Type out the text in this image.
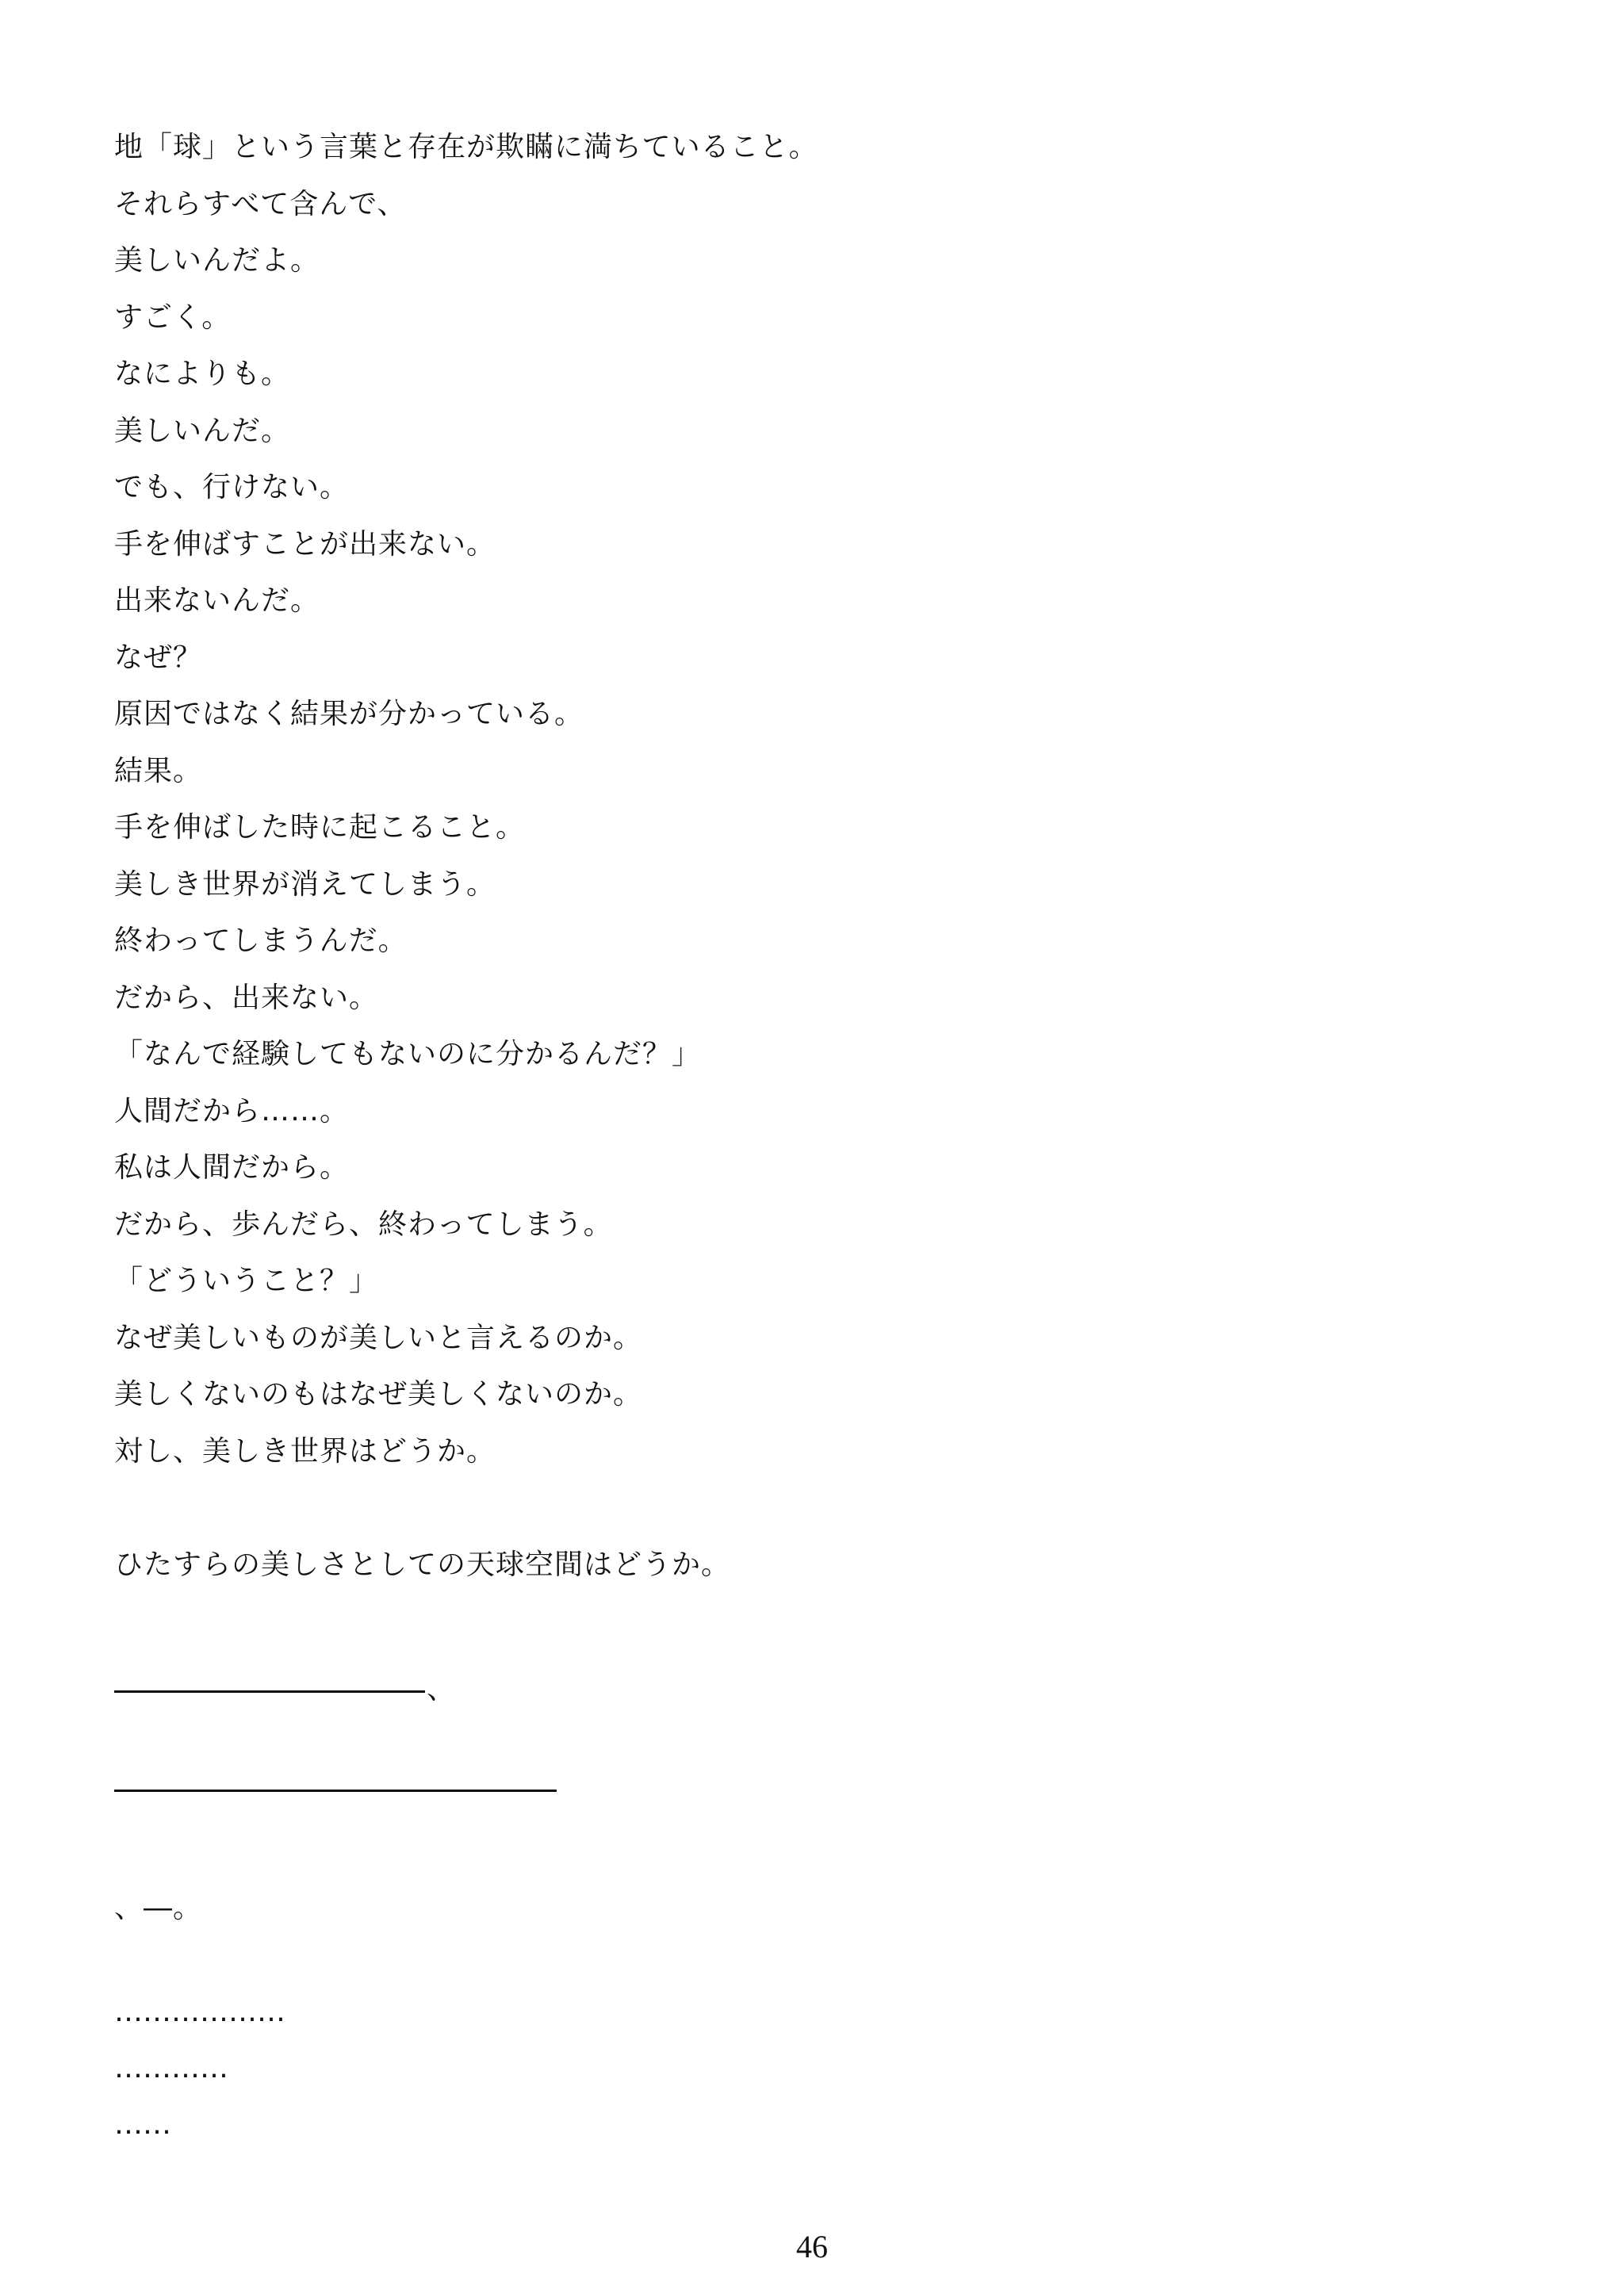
地「球」という言葉と存在が欺瞞に満ちていること。
それらすべて含んで、
美しいんだよ。
すごく。
なによりも。
美しいんだ。
でも、行けない。
手を伸ばすことが出来ない。
出来ないんだ。
なぜ？
原因ではなく結果が分かっている。
結果。
手を伸ばした時に起こること。
美しき世界が消えてしまう。
終わってしまうんだ。
だから、出来ない。
「なんで経験してもないのに分かるんだ？」
人間だから……。
私は人間だから。
だから、歩んだら、終わってしまう。
「どういうこと？」
なぜ美しいものが美しいと言えるのか。
美しくないのもはなぜ美しくないのか。
対し、美しき世界はどうか。
ひたすらの美しさとしての天球空間はどうか。
、
、―。
………………
…………
……
46
